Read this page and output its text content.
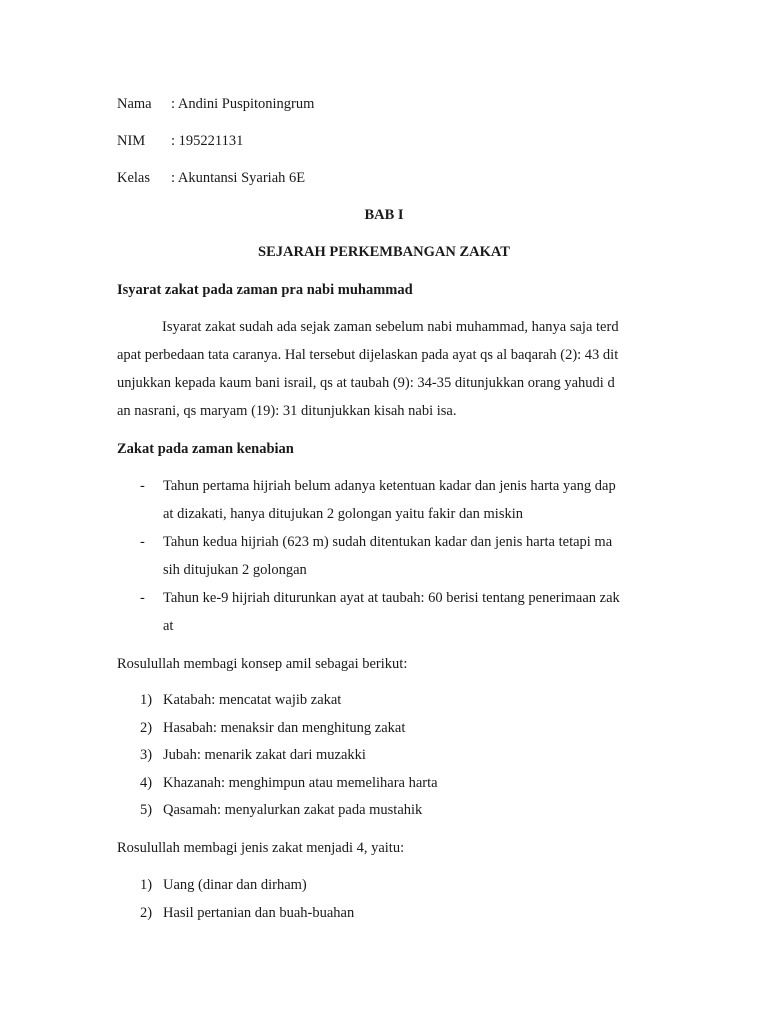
Nama : Andini Puspitoningrum
NIM : 195221131
Kelas : Akuntansi Syariah 6E
BAB I
SEJARAH PERKEMBANGAN ZAKAT
Isyarat zakat pada zaman pra nabi muhammad
Isyarat zakat sudah ada sejak zaman sebelum nabi muhammad, hanya saja terd
apat perbedaan tata caranya. Hal tersebut dijelaskan pada ayat qs al baqarah (2): 43 dit
unjukkan kepada kaum bani israil, qs at taubah (9): 34-35 ditunjukkan orang yahudi d
an nasrani, qs maryam (19): 31 ditunjukkan kisah nabi isa.
Zakat pada zaman kenabian
- Tahun pertama hijriah belum adanya ketentuan kadar dan jenis harta yang dap
at dizakati, hanya ditujukan 2 golongan yaitu fakir dan miskin
- Tahun kedua hijriah (623 m) sudah ditentukan kadar dan jenis harta tetapi ma
sih ditujukan 2 golongan
- Tahun ke-9 hijriah diturunkan ayat at taubah: 60 berisi tentang penerimaan zak
at
Rosulullah membagi konsep amil sebagai berikut:
1) Katabah: mencatat wajib zakat
2) Hasabah: menaksir dan menghitung zakat
3) Jubah: menarik zakat dari muzakki
4) Khazanah: menghimpun atau memelihara harta
5) Qasamah: menyalurkan zakat pada mustahik
Rosulullah membagi jenis zakat menjadi 4, yaitu:
1) Uang (dinar dan dirham)
2) Hasil pertanian dan buah-buahan
